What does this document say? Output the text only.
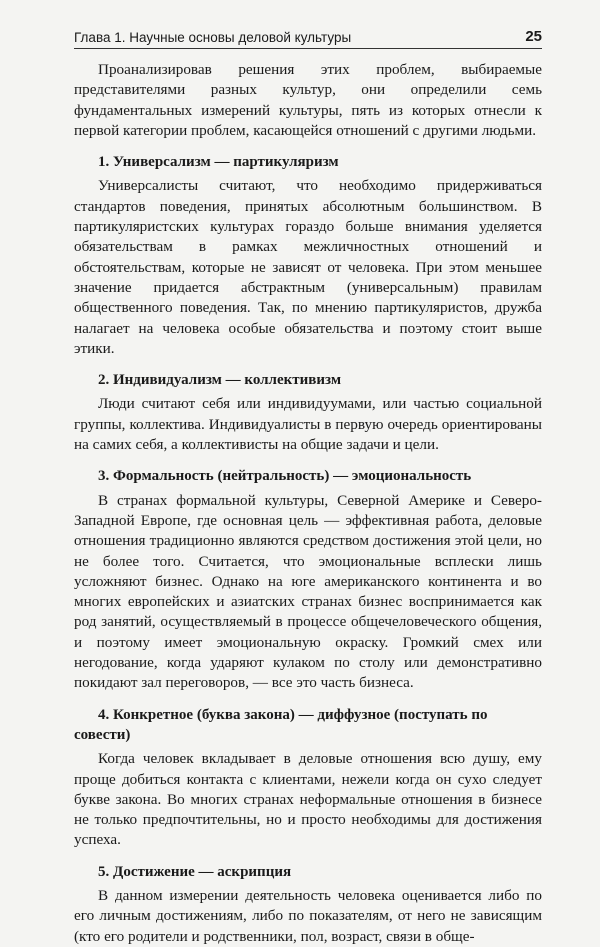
Глава 1. Научные основы деловой культуры	25

Проанализировав решения этих проблем, выбираемые представителями разных культур, они определили семь фундаментальных измерений культуры, пять из которых отнесли к первой категории проблем, касающейся отношений с другими людьми.

1. Универсализм — партикуляризм

Универсалисты считают, что необходимо придерживаться стандартов поведения, принятых абсолютным большинством. В партикуляристских культурах гораздо больше внимания уделяется обязательствам в рамках межличностных отношений и обстоятельствам, которые не зависят от человека. При этом меньшее значение придается абстрактным (универсальным) правилам общественного поведения. Так, по мнению партикуляристов, дружба налагает на человека особые обязательства и поэтому стоит выше этики.

2. Индивидуализм — коллективизм

Люди считают себя или индивидуумами, или частью социальной группы, коллектива. Индивидуалисты в первую очередь ориентированы на самих себя, а коллективисты на общие задачи и цели.

3. Формальность (нейтральность) — эмоциональность

В странах формальной культуры, Северной Америке и Северо-Западной Европе, где основная цель — эффективная работа, деловые отношения традиционно являются средством достижения этой цели, но не более того. Считается, что эмоциональные всплески лишь усложняют бизнес. Однако на юге американского континента и во многих европейских и азиатских странах бизнес воспринимается как род занятий, осуществляемый в процессе общечеловеческого общения, и поэтому имеет эмоциональную окраску. Громкий смех или негодование, когда ударяют кулаком по столу или демонстративно покидают зал переговоров, — все это часть бизнеса.

4. Конкретное (буква закона) — диффузное (поступать по совести)

Когда человек вкладывает в деловые отношения всю душу, ему проще добиться контакта с клиентами, нежели когда он сухо следует букве закона. Во многих странах неформальные отношения в бизнесе не только предпочтительны, но и просто необходимы для достижения успеха.

5. Достижение — аскрипция

В данном измерении деятельность человека оценивается либо по его личным достижениям, либо по показателям, от него не зависящим (кто его родители и родственники, пол, возраст, связи в обще-
